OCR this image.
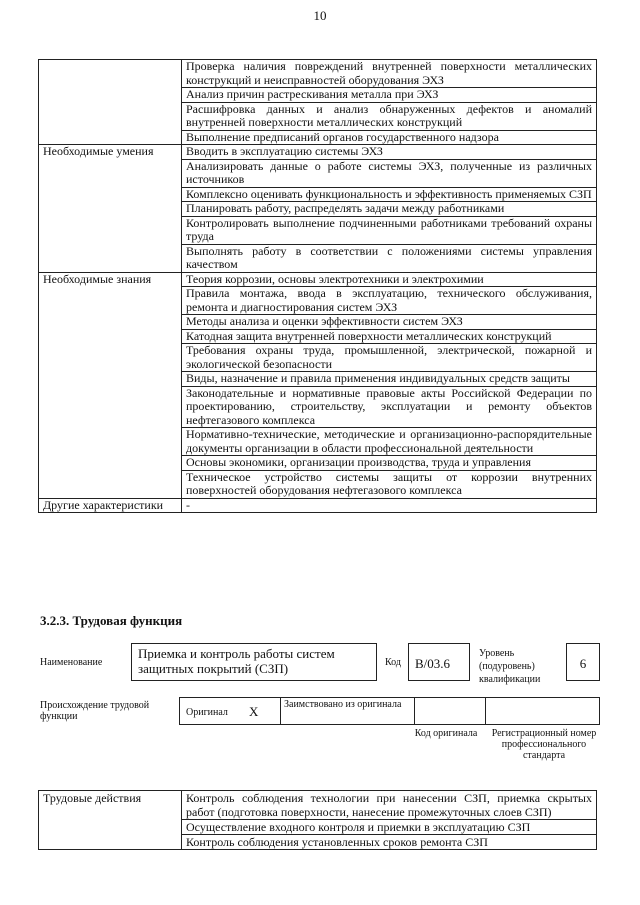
10
	Проверка наличия повреждений внутренней поверхности металлических конструкций и неисправностей оборудования ЭХЗ
	Анализ причин растрескивания металла при ЭХЗ
	Расшифровка данных и анализ обнаруженных дефектов и аномалий внутренней поверхности металлических конструкций
	Выполнение предписаний органов государственного надзора
Необходимые умения	Вводить в эксплуатацию системы ЭХЗ
	Анализировать данные о работе системы ЭХЗ, полученные из различных источников
	Комплексно оценивать функциональность и эффективность применяемых СЗП
	Планировать работу, распределять задачи между работниками
	Контролировать выполнение подчиненными работниками требований охраны труда
	Выполнять работу в соответствии с положениями системы управления качеством
Необходимые знания	Теория коррозии, основы электротехники и электрохимии
	Правила монтажа, ввода в эксплуатацию, технического обслуживания, ремонта и диагностирования систем ЭХЗ
	Методы анализа и оценки эффективности систем ЭХЗ
	Катодная защита внутренней поверхности металлических конструкций
	Требования охраны труда, промышленной, электрической, пожарной и экологической безопасности
	Виды, назначение и правила применения индивидуальных средств защиты
	Законодательные и нормативные правовые акты Российской Федерации по проектированию, строительству, эксплуатации и ремонту объектов нефтегазового комплекса
	Нормативно-технические, методические и организационно-распорядительные документы организации в области профессиональной деятельности
	Основы экономики, организации производства, труда и управления
	Техническое устройство системы защиты от коррозии внутренних поверхностей оборудования нефтегазового комплекса
Другие характеристики	-
3.2.3. Трудовая функция
Наименование
Приемка и контроль работы систем защитных покрытий (СЗП)	Код	В/03.6
Уровень (подуровень) квалификации
6
Происхождение трудовой функции	Оригинал X	Заимствовано из оригинала
Код оригинала	Регистрационный номер профессионального стандарта
Трудовые действия	Контроль соблюдения технологии при нанесении СЗП, приемка скрытых работ (подготовка поверхности, нанесение промежуточных слоев СЗП)
Осуществление входного контроля и приемки в эксплуатацию СЗП
Контроль соблюдения установленных сроков ремонта СЗП
